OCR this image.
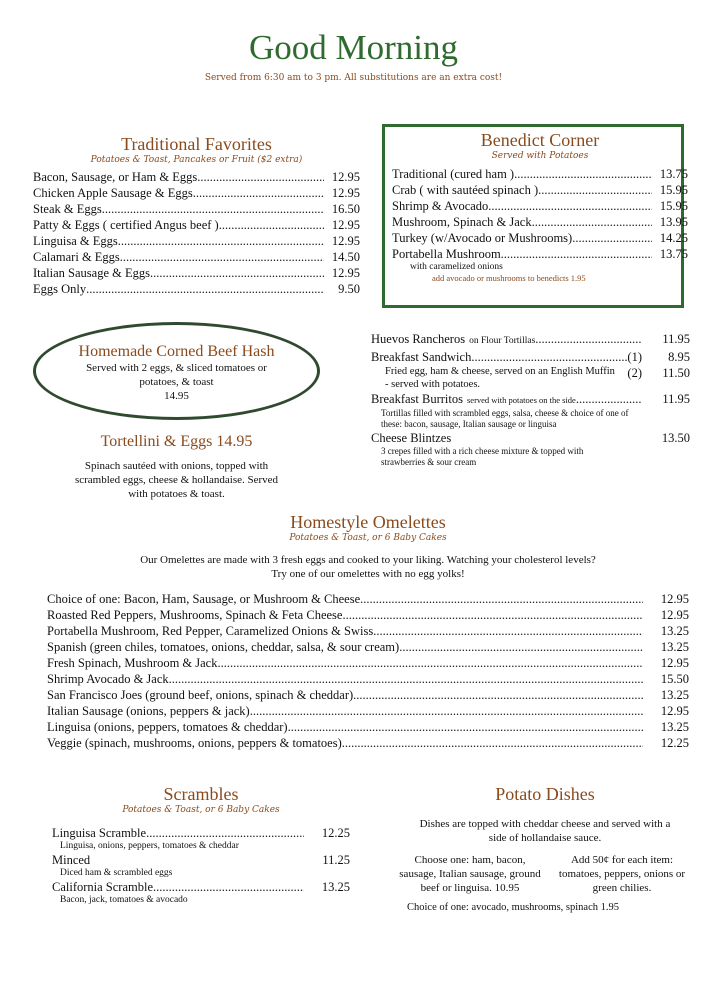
Good Morning
Served from 6:30 am to 3 pm. All substitutions are an extra cost!
Traditional Favorites
Potatoes & Toast, Pancakes or Fruit ($2 extra)
Bacon, Sausage, or Ham & Eggs .....	12.95
Chicken Apple Sausage & Eggs .....	12.95
Steak & Eggs .....	16.50
Patty & Eggs ( certified Angus beef ) .....	12.95
Linguisa & Eggs .....	12.95
Calamari & Eggs .....	14.50
Italian Sausage & Eggs .....	12.95
Eggs Only .....	9.50
Benedict Corner
Served with Potatoes
Traditional (cured ham ) .....	13.75
Crab ( with sautéed spinach ) .....	15.95
Shrimp & Avocado .....	15.95
Mushroom, Spinach & Jack .....	13.95
Turkey (w/Avocado or Mushrooms) .....	14.25
Portabella Mushroom .....	13.75
with caramelized onions
add avocado or mushrooms to benedicts 1.95
Homemade Corned Beef Hash
Served with 2 eggs, & sliced tomatoes or potatoes, & toast
14.95
Tortellini & Eggs 14.95
Spinach sautéed with onions, topped with scrambled eggs, cheese & hollandaise. Served with potatoes & toast.
Huevos Rancheros on Flour Tortillas .....	11.95
Breakfast Sandwich .....	(1)	8.95
Fried egg, ham & cheese, served on an English Muffin - served with potatoes.
(2)	11.50
Breakfast Burritos served with potatoes on the side .....	11.95
Tortillas filled with scrambled eggs, salsa, cheese & choice of one of these: bacon, sausage, Italian sausage or linguisa
Cheese Blintzes	13.50
3 crepes filled with a rich cheese mixture & topped with strawberries & sour cream
Homestyle Omelettes
Potatoes & Toast, or 6 Baby Cakes
Our Omelettes are made with 3 fresh eggs and cooked to your liking. Watching your cholesterol levels? Try one of our omelettes with no egg yolks!
Choice of one: Bacon, Ham, Sausage, or Mushroom & Cheese .....	12.95
Roasted Red Peppers, Mushrooms, Spinach & Feta Cheese .....	12.95
Portabella Mushroom, Red Pepper, Caramelized Onions & Swiss .....	13.25
Spanish (green chiles, tomatoes, onions, cheddar, salsa, & sour cream) .....	13.25
Fresh Spinach, Mushroom & Jack .....	12.95
Shrimp Avocado & Jack .....	15.50
San Francisco Joes (ground beef, onions, spinach & cheddar) .....	13.25
Italian Sausage (onions, peppers & jack) .....	12.95
Linguisa (onions, peppers, tomatoes & cheddar) .....	13.25
Veggie (spinach, mushrooms, onions, peppers & tomatoes) .....	12.25
Scrambles
Potatoes & Toast, or 6 Baby Cakes
Linguisa Scramble .....	12.25
Linguisa, onions, peppers, tomatoes & cheddar
Minced	11.25
Diced ham & scrambled eggs
California Scramble .....	13.25
Bacon, jack, tomatoes & avocado
Potato Dishes
Dishes are topped with cheddar cheese and served with a side of hollandaise sauce.
Choose one: ham, bacon, sausage, Italian sausage, ground beef or linguisa. 10.95
Add 50¢ for each item: tomatoes, peppers, onions or green chilies.
Choice of one: avocado, mushrooms, spinach 1.95
